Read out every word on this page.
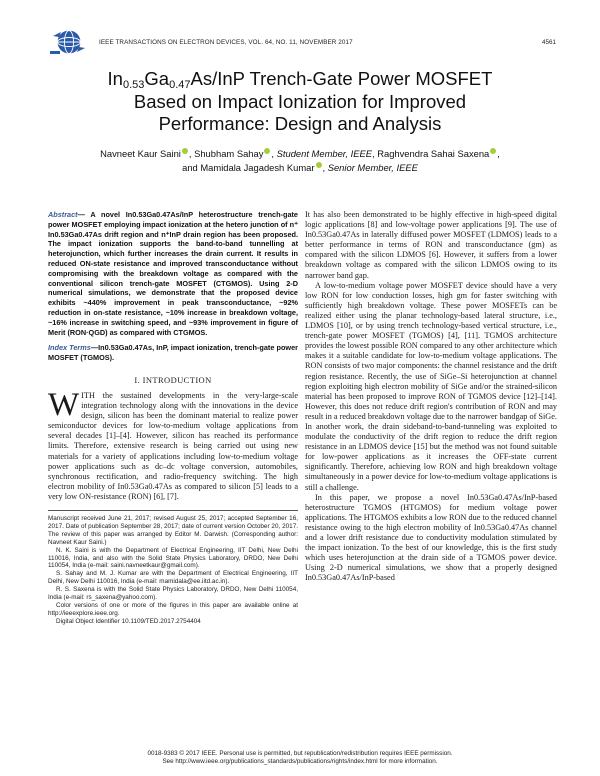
IEEE TRANSACTIONS ON ELECTRON DEVICES, VOL. 64, NO. 11, NOVEMBER 2017	4561
$In_{0.53}Ga_{0.47}As$/InP Trench-Gate Power MOSFET
Based on Impact Ionization for Improved
Performance: Design and Analysis
Navneet Kaur Saini , Shubham Sahay , Student Member, IEEE, Raghvendra Sahai Saxena ,
and Mamidala Jagadesh Kumar , Senior Member, IEEE

Abstract— A novel In0.53Ga0.47As/InP heterostructure trench-gate power MOSFET employing impact ionization at the hetero junction of n⁺ In0.53Ga0.47As drift region and n⁺InP drain region has been proposed. The impact ionization supports the band-to-band tunnelling at heterojunction, which further increases the drain current. It results in reduced ON-state resistance and improved transconductance without compromising with the breakdown voltage as compared with the conventional silicon trench-gate MOSFET (CTGMOS). Using 2-D numerical simulations, we demonstrate that the proposed device exhibits ~440% improvement in peak transconductance, ~92% reduction in on-state resistance, ~10% increase in breakdown voltage, ~16% increase in switching speed, and ~93% improvement in figure of Merit (RON·QGD) as compared with CTGMOS.

Index Terms—In0.53Ga0.47As, InP, impact ionization, trench-gate power MOSFET (TGMOS).

I. INTRODUCTION

WITH the sustained developments in the very-large-scale integration technology along with the innovations in the device design, silicon has been the dominant material to realize power semiconductor devices for low-to-medium voltage applications from several decades [1]–[4]. However, silicon has reached its performance limits. Therefore, extensive research is being carried out using new materials for a variety of applications including low-to-medium voltage power applications such as dc–dc voltage conversion, automobiles, synchronous rectification, and radio-frequency switching. The high electron mobility of In0.53Ga0.47As as compared to silicon [5] leads to a very low ON-resistance (RON) [6], [7].

Manuscript received June 21, 2017; revised August 25, 2017; accepted September 16, 2017. Date of publication September 28, 2017; date of current version October 20, 2017. The review of this paper was arranged by Editor M. Darwish. (Corresponding author: Navneet Kaur Saini.)

N. K. Saini is with the Department of Electrical Engineering, IIT Delhi, New Delhi 110016, India, and also with the Solid State Physics Laboratory, DRDO, New Delhi 110054, India (e-mail: saini.navneetkaur@gmail.com).

S. Sahay and M. J. Kumar are with the Department of Electrical Engineering, IIT Delhi, New Delhi 110016, India (e-mail: mamidala@ee.iitd.ac.in).

R. S. Saxena is with the Solid State Physics Laboratory, DRDO, New Delhi 110054, India (e-mail: rs_saxena@yahoo.com).

Color versions of one or more of the figures in this paper are available online at http://ieeexplore.ieee.org.

Digital Object Identifier 10.1109/TED.2017.2754404

It has also been demonstrated to be highly effective in high-speed digital logic applications [8] and low-voltage power applications [9]. The use of In0.53Ga0.47As in laterally diffused power MOSFET (LDMOS) leads to a better performance in terms of RON and transconductance (gm) as compared with the silicon LDMOS [6]. However, it suffers from a lower breakdown voltage as compared with the silicon LDMOS owing to its narrower band gap.

A low-to-medium voltage power MOSFET device should have a very low RON for low conduction losses, high gm for faster switching with sufficiently high breakdown voltage. These power MOSFETs can be realized either using the planar technology-based lateral structure, i.e., LDMOS [10], or by using trench technology-based vertical structure, i.e., trench-gate power MOSFET (TGMOS) [4], [11]. TGMOS architecture provides the lowest possible RON compared to any other architecture which makes it a suitable candidate for low-to-medium voltage applications. The RON consists of two major components: the channel resistance and the drift region resistance. Recently, the use of SiGe–Si heterojunction at channel region exploiting high electron mobility of SiGe and/or the strained-silicon material has been proposed to improve RON of TGMOS device [12]–[14]. However, this does not reduce drift region's contribution of RON and may result in a reduced breakdown voltage due to the narrower bandgap of SiGe. In another work, the drain sideband-to-band-tunneling was exploited to modulate the conductivity of the drift region to reduce the drift region resistance in an LDMOS device [15] but the method was not found suitable for low-power applications as it increases the OFF-state current significantly. Therefore, achieving low RON and high breakdown voltage simultaneously in a power device for low-to-medium voltage applications is still a challenge.

In this paper, we propose a novel In0.53Ga0.47As/InP-based heterostructure TGMOS (HTGMOS) for medium voltage power applications. The HTGMOS exhibits a low RON due to the reduced channel resistance owing to the high electron mobility of In0.53Ga0.47As channel and a lower drift resistance due to conductivity modulation stimulated by the impact ionization. To the best of our knowledge, this is the first study which uses heterojunction at the drain side of a TGMOS power device. Using 2-D numerical simulations, we show that a properly designed In0.53Ga0.47As/InP-based

0018-9383 © 2017 IEEE. Personal use is permitted, but republication/redistribution requires IEEE permission.
See http://www.ieee.org/publications_standards/publications/rights/index.html for more information.
